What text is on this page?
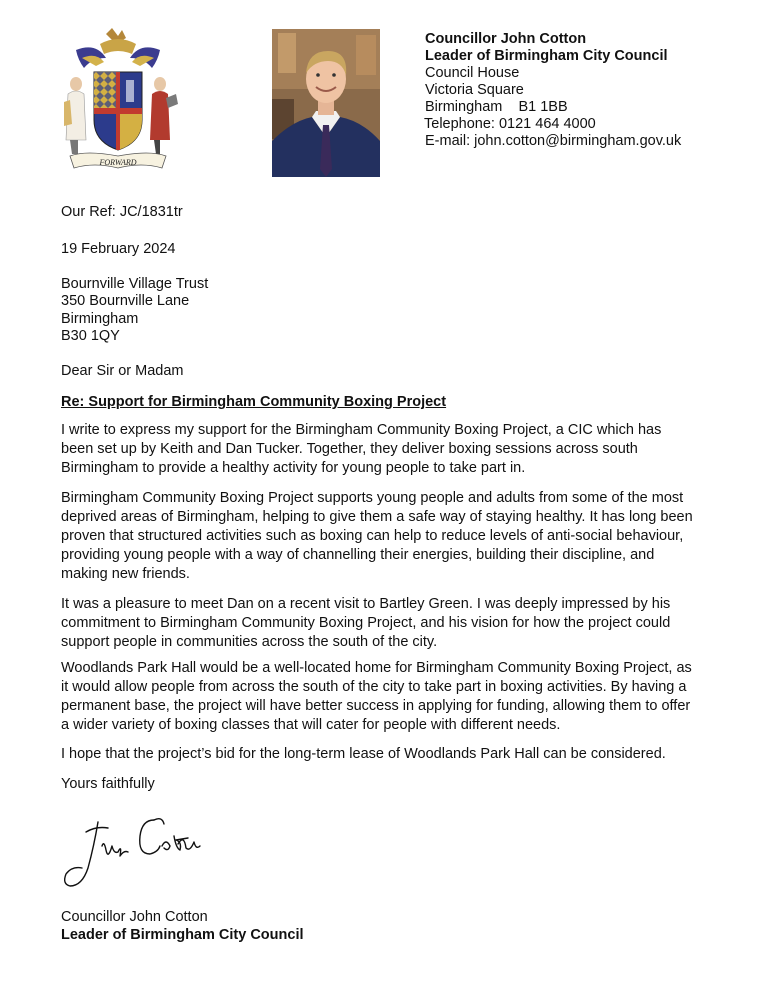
FORWARD
Councillor John Cotton
Leader of Birmingham City Council
Council House
Victoria Square
Birmingham    B1 1BB
Telephone: 0121 464 4000
E-mail: john.cotton@birmingham.gov.uk
Our Ref: JC/1831tr
19 February 2024
Bournville Village Trust
350 Bournville Lane
Birmingham
B30 1QY
Dear Sir or Madam
Re: Support for Birmingham Community Boxing Project
I write to express my support for the Birmingham Community Boxing Project, a CIC which has
been set up by Keith and Dan Tucker. Together, they deliver boxing sessions across south
Birmingham to provide a healthy activity for young people to take part in.
Birmingham Community Boxing Project supports young people and adults from some of the most
deprived areas of Birmingham, helping to give them a safe way of staying healthy. It has long been
proven that structured activities such as boxing can help to reduce levels of anti-social behaviour,
providing young people with a way of channelling their energies, building their discipline, and
making new friends.
It was a pleasure to meet Dan on a recent visit to Bartley Green. I was deeply impressed by his
commitment to Birmingham Community Boxing Project, and his vision for how the project could
support people in communities across the south of the city.
Woodlands Park Hall would be a well-located home for Birmingham Community Boxing Project, as
it would allow people from across the south of the city to take part in boxing activities. By having a
permanent base, the project will have better success in applying for funding, allowing them to offer
a wider variety of boxing classes that will cater for people with different needs.
I hope that the project’s bid for the long-term lease of Woodlands Park Hall can be considered.
Yours faithfully
Councillor John Cotton
Leader of Birmingham City Council
